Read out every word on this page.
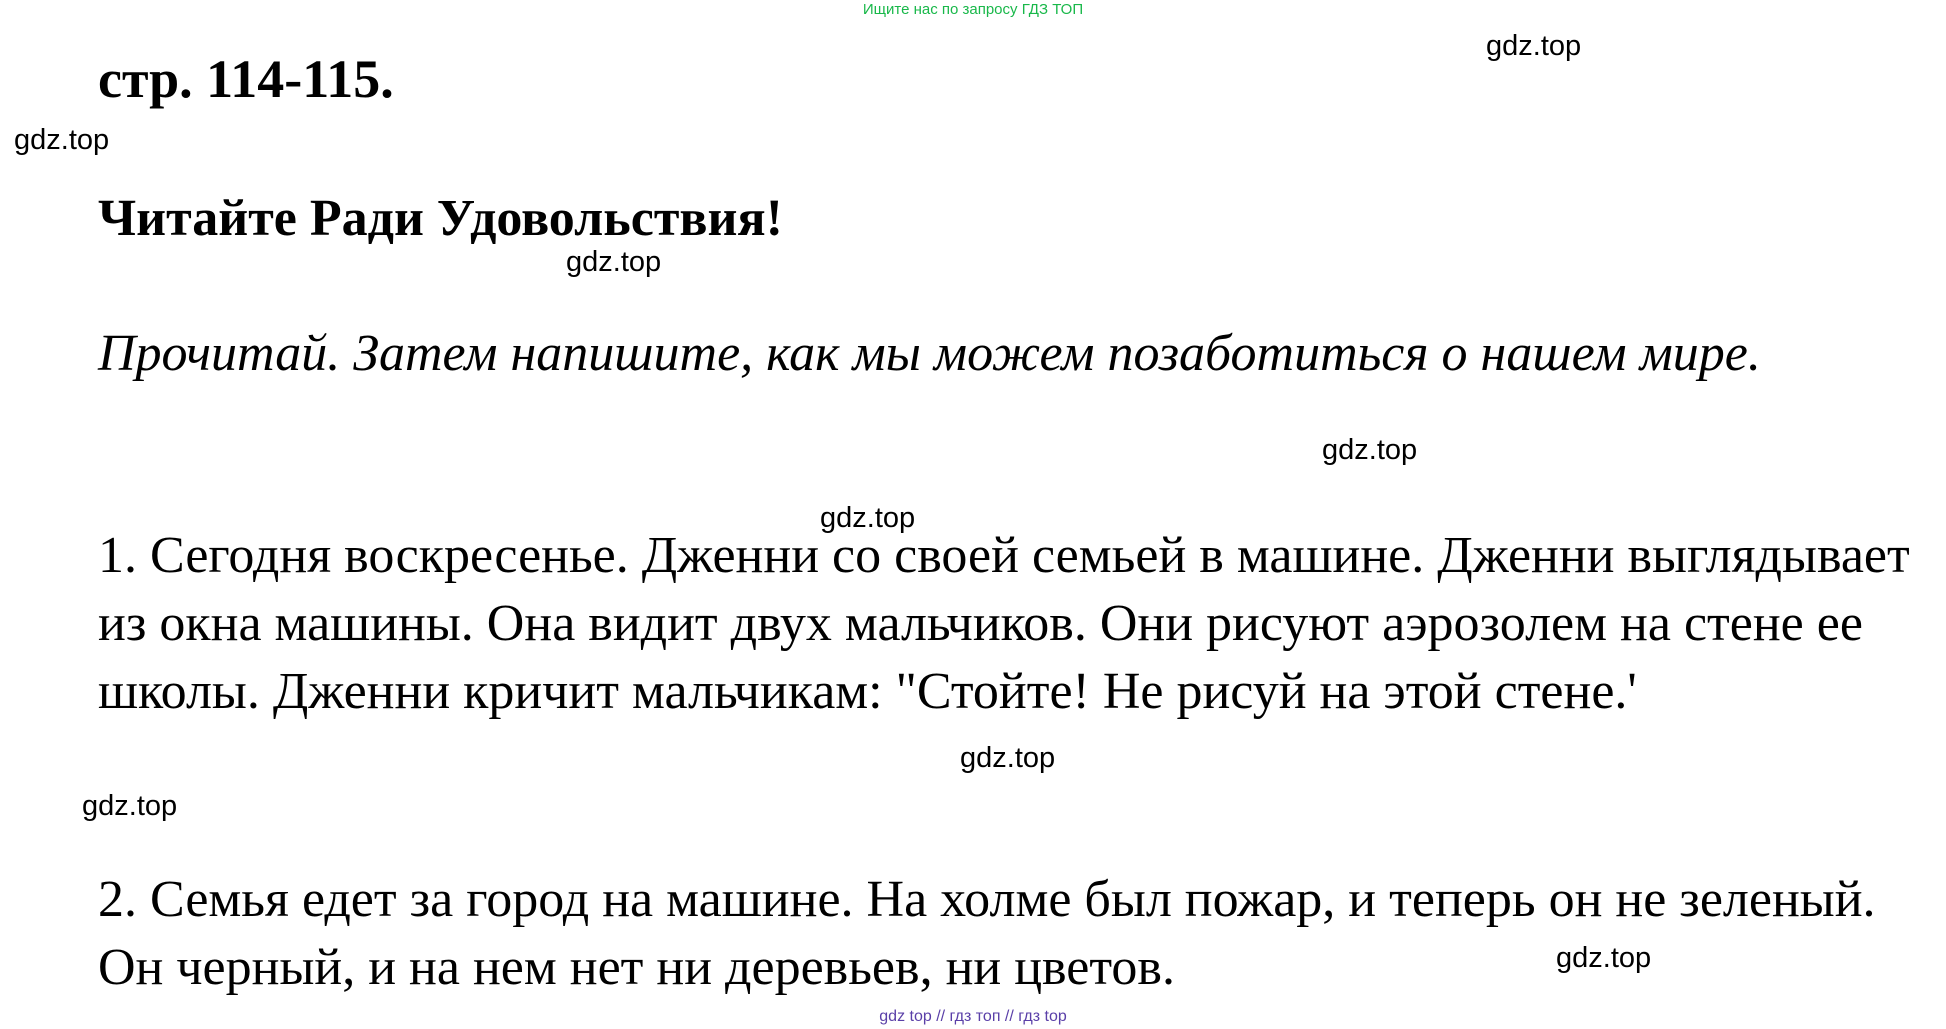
Ищите нас по запросу ГДЗ ТОП
стр. 114-115.
Читайте Ради Удовольствия!

Прочитай. Затем напишите, как мы можем позаботиться о нашем мире.

1. Сегодня воскресенье. Дженни со своей семьей в машине. Дженни выглядывает из окна машины. Она видит двух мальчиков. Они рисуют аэрозолем на стене ее школы. Дженни кричит мальчикам: "Стойте! Не рисуй на этой стене.'

2. Семья едет за город на машине. На холме был пожар, и теперь он не зеленый. Он черный, и на нем нет ни деревьев, ни цветов.

gdz.top
gdz.top
gdz.top
gdz.top
gdz.top
gdz.top
gdz.top
gdz.top
gdz top // гдз топ // гдз top
